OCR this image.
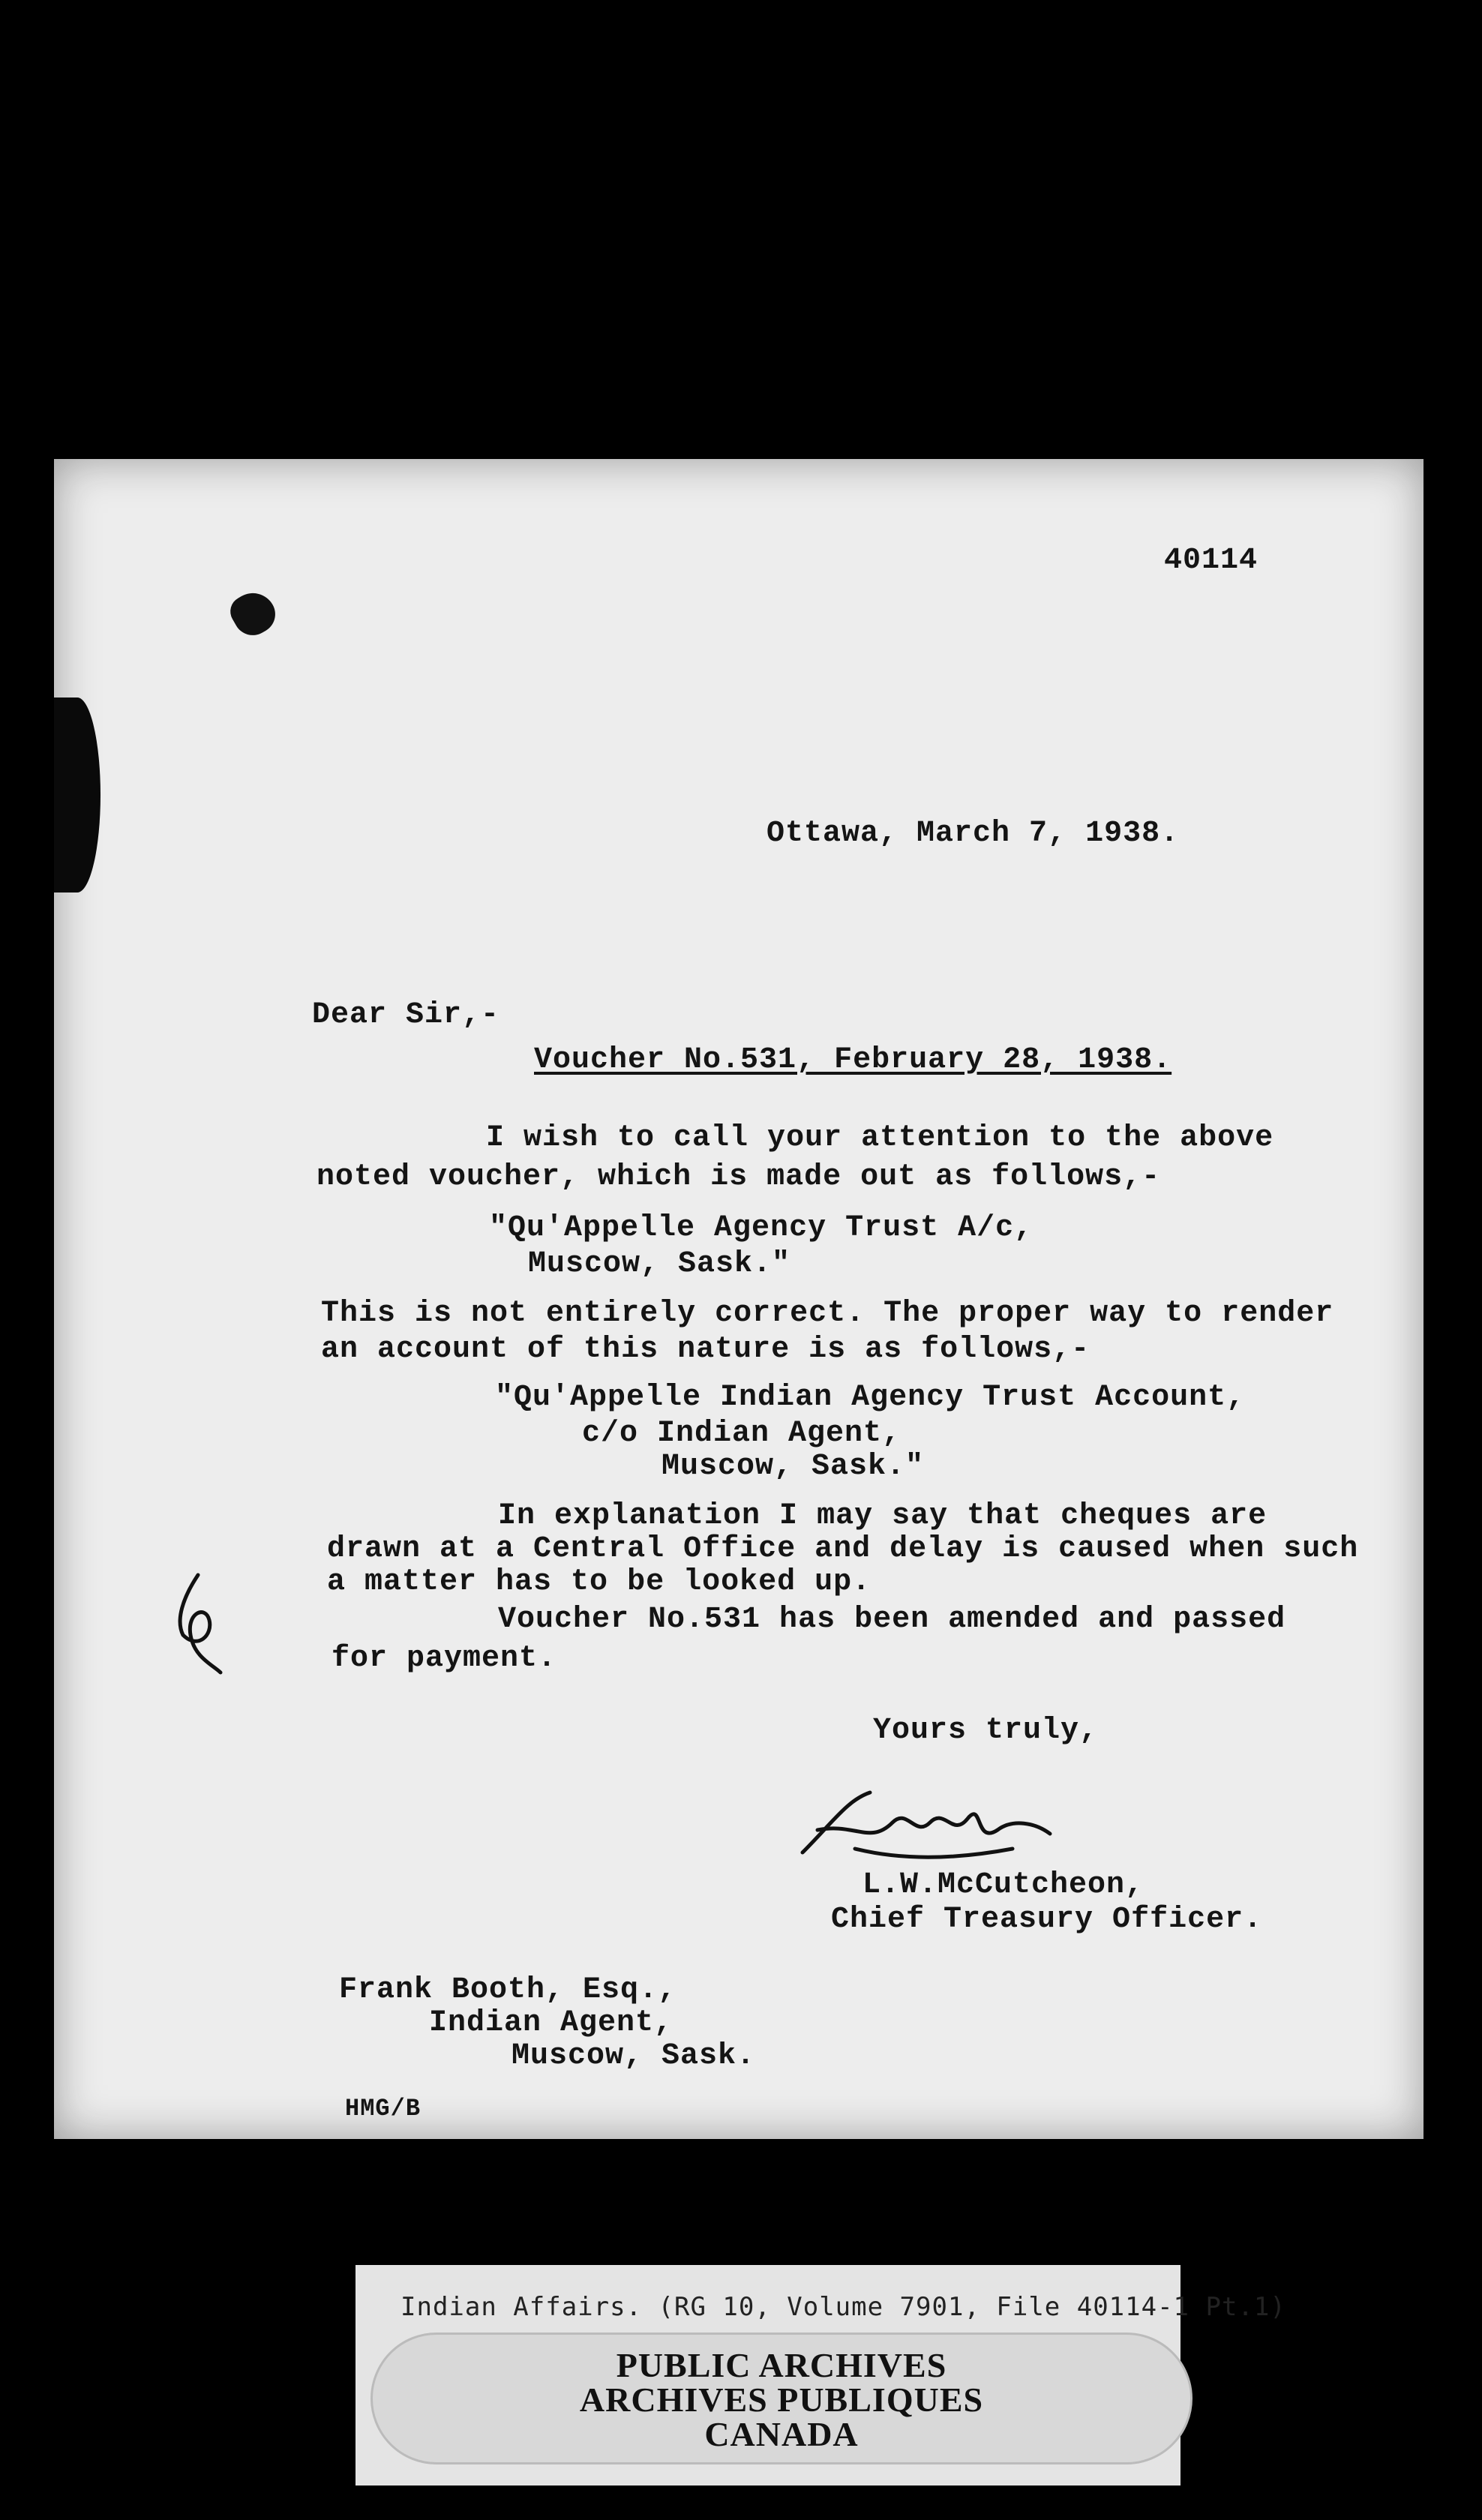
40114
Ottawa, March 7, 1938.
Dear Sir,-
Voucher No.531, February 28, 1938.
I wish to call your attention to the above
noted voucher, which is made out as follows,-
"Qu'Appelle Agency Trust A/c,
Muscow, Sask."
This is not entirely correct. The proper way to render
an account of this nature is as follows,-
"Qu'Appelle Indian Agency Trust Account,
c/o Indian Agent,
Muscow, Sask."
In explanation I may say that cheques are
drawn at a Central Office and delay is caused when such
a matter has to be looked up.
Voucher No.531 has been amended and passed
for payment.
Yours truly,
L.W.McCutcheon,
Chief Treasury Officer.
Frank Booth, Esq.,
Indian Agent,
Muscow, Sask.
HMG/B
Indian Affairs. (RG 10, Volume 7901, File 40114-1 Pt.1)
PUBLIC ARCHIVES
ARCHIVES PUBLIQUES
CANADA
